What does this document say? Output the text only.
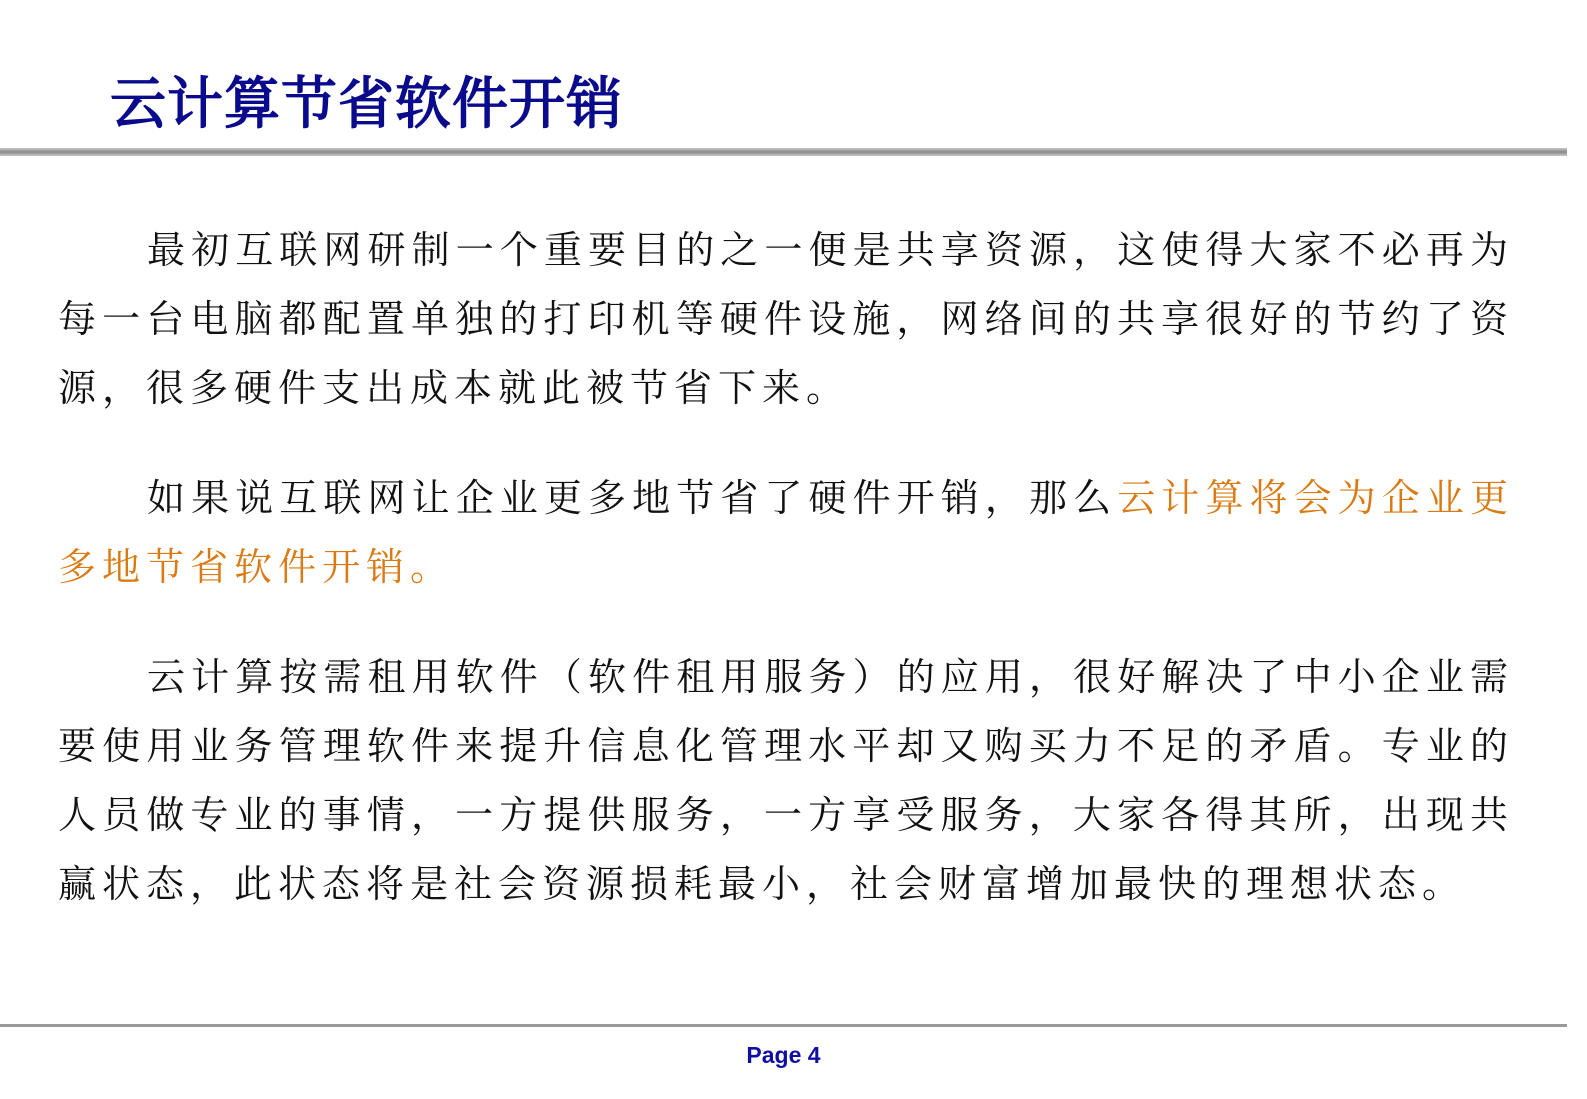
云计算节省软件开销

最初互联网研制一个重要目的之一便是共享资源，这使得大家不必再为每一台电脑都配置单独的打印机等硬件设施，网络间的共享很好的节约了资源，很多硬件支出成本就此被节省下来。

如果说互联网让企业更多地节省了硬件开销，那么云计算将会为企业更多地节省软件开销。

云计算按需租用软件（软件租用服务）的应用，很好解决了中小企业需要使用业务管理软件来提升信息化管理水平却又购买力不足的矛盾。专业的人员做专业的事情，一方提供服务，一方享受服务，大家各得其所，出现共赢状态，此状态将是社会资源损耗最小，社会财富增加最快的理想状态。

Page 4
